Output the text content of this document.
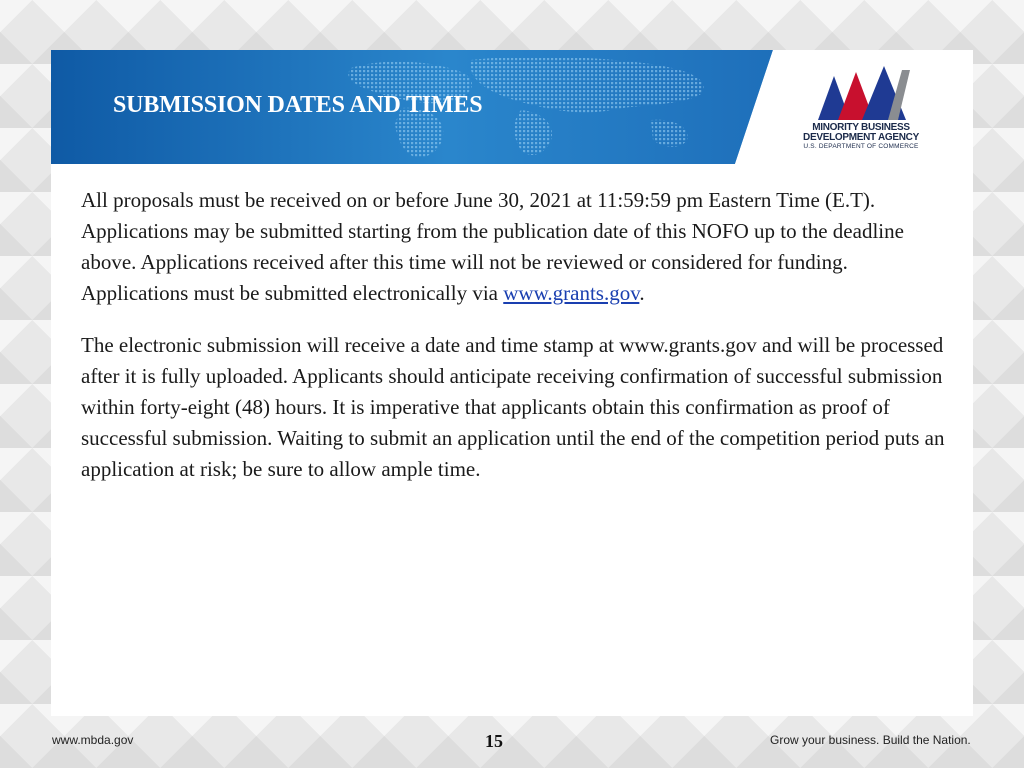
SUBMISSION DATES AND TIMES
MINORITY BUSINESS
DEVELOPMENT AGENCY
U.S. DEPARTMENT OF COMMERCE

All proposals must be received on or before June 30, 2021 at 11:59:59 pm Eastern Time (E.T). Applications may be submitted starting from the publication date of this NOFO up to the deadline above. Applications received after this time will not be reviewed or considered for funding. Applications must be submitted electronically via www.grants.gov.

The electronic submission will receive a date and time stamp at www.grants.gov and will be processed after it is fully uploaded. Applicants should anticipate receiving confirmation of successful submission within forty-eight (48) hours. It is imperative that applicants obtain this confirmation as proof of successful submission. Waiting to submit an application until the end of the competition period puts an application at risk; be sure to allow ample time.

www.mbda.gov	15	Grow your business. Build the Nation.
